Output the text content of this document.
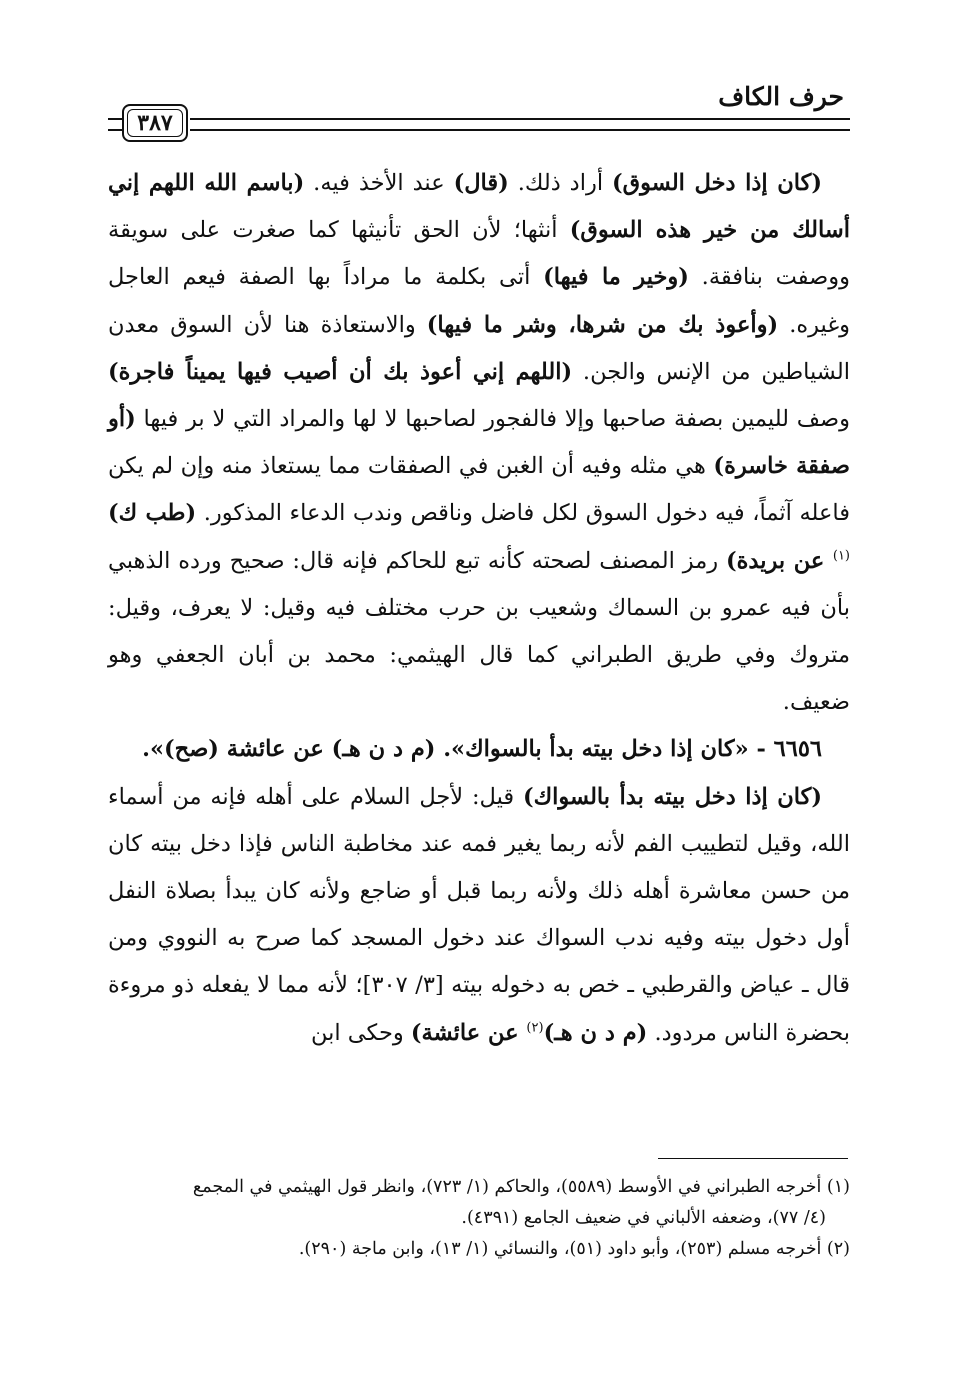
حرف الكاف
٣٨٧

(كان إذا دخل السوق) أراد ذلك. (قال) عند الأخذ فيه. (باسم الله اللهم إني أسالك من خير هذه السوق) أنثها؛ لأن الحق تأنيثها كما صغرت على سويقة ووصفت بنافقة. (وخير ما فيها) أتى بكلمة ما مراداً بها الصفة فيعم العاجل وغيره. (وأعوذ بك من شرها، وشر ما فيها) والاستعاذة هنا لأن السوق معدن الشياطين من الإنس والجن. (اللهم إني أعوذ بك أن أصيب فيها يميناً فاجرة) وصف لليمين بصفة صاحبها وإلا فالفجور لصاحبها لا لها والمراد التي لا بر فيها (أو صفقة خاسرة) هي مثله وفيه أن الغبن في الصفقات مما يستعاذ منه وإن لم يكن فاعله آثماً، فيه دخول السوق لكل فاضل وناقص وندب الدعاء المذكور. (طب ك)$^{(١)}$ عن بريدة) رمز المصنف لصحته كأنه تبع للحاكم فإنه قال: صحيح ورده الذهبي بأن فيه عمرو بن السماك وشعيب بن حرب مختلف فيه وقيل: لا يعرف، وقيل: متروك وفي طريق الطبراني كما قال الهيثمي: محمد بن أبان الجعفي وهو ضعيف.

٦٦٥٦ - «كان إذا دخل بيته بدأ بالسواك». (م د ن هـ) عن عائشة (صح)».

(كان إذا دخل بيته بدأ بالسواك) قيل: لأجل السلام على أهله فإنه من أسماء الله، وقيل لتطييب الفم لأنه ربما يغير فمه عند مخاطبة الناس فإذا دخل بيته كان من حسن معاشرة أهله ذلك ولأنه ربما قبل أو ضاجع ولأنه كان يبدأ بصلاة النفل أول دخول بيته وفيه ندب السواك عند دخول المسجد كما صرح به النووي ومن قال ـ عياض والقرطبي ـ خص به دخوله بيته [٣/ ٣٠٧]؛ لأنه مما لا يفعله ذو مروءة بحضرة الناس مردود. (م د ن هـ)$^{(٢)}$ عن عائشة) وحكى ابن

(١) أخرجه الطبراني في الأوسط (٥٥٨٩)، والحاكم (١/ ٧٢٣)، وانظر قول الهيثمي في المجمع

(٤/ ٧٧)، وضعفه الألباني في ضعيف الجامع (٤٣٩١).

(٢) أخرجه مسلم (٢٥٣)، وأبو داود (٥١)، والنسائي (١/ ١٣)، وابن ماجة (٢٩٠).
